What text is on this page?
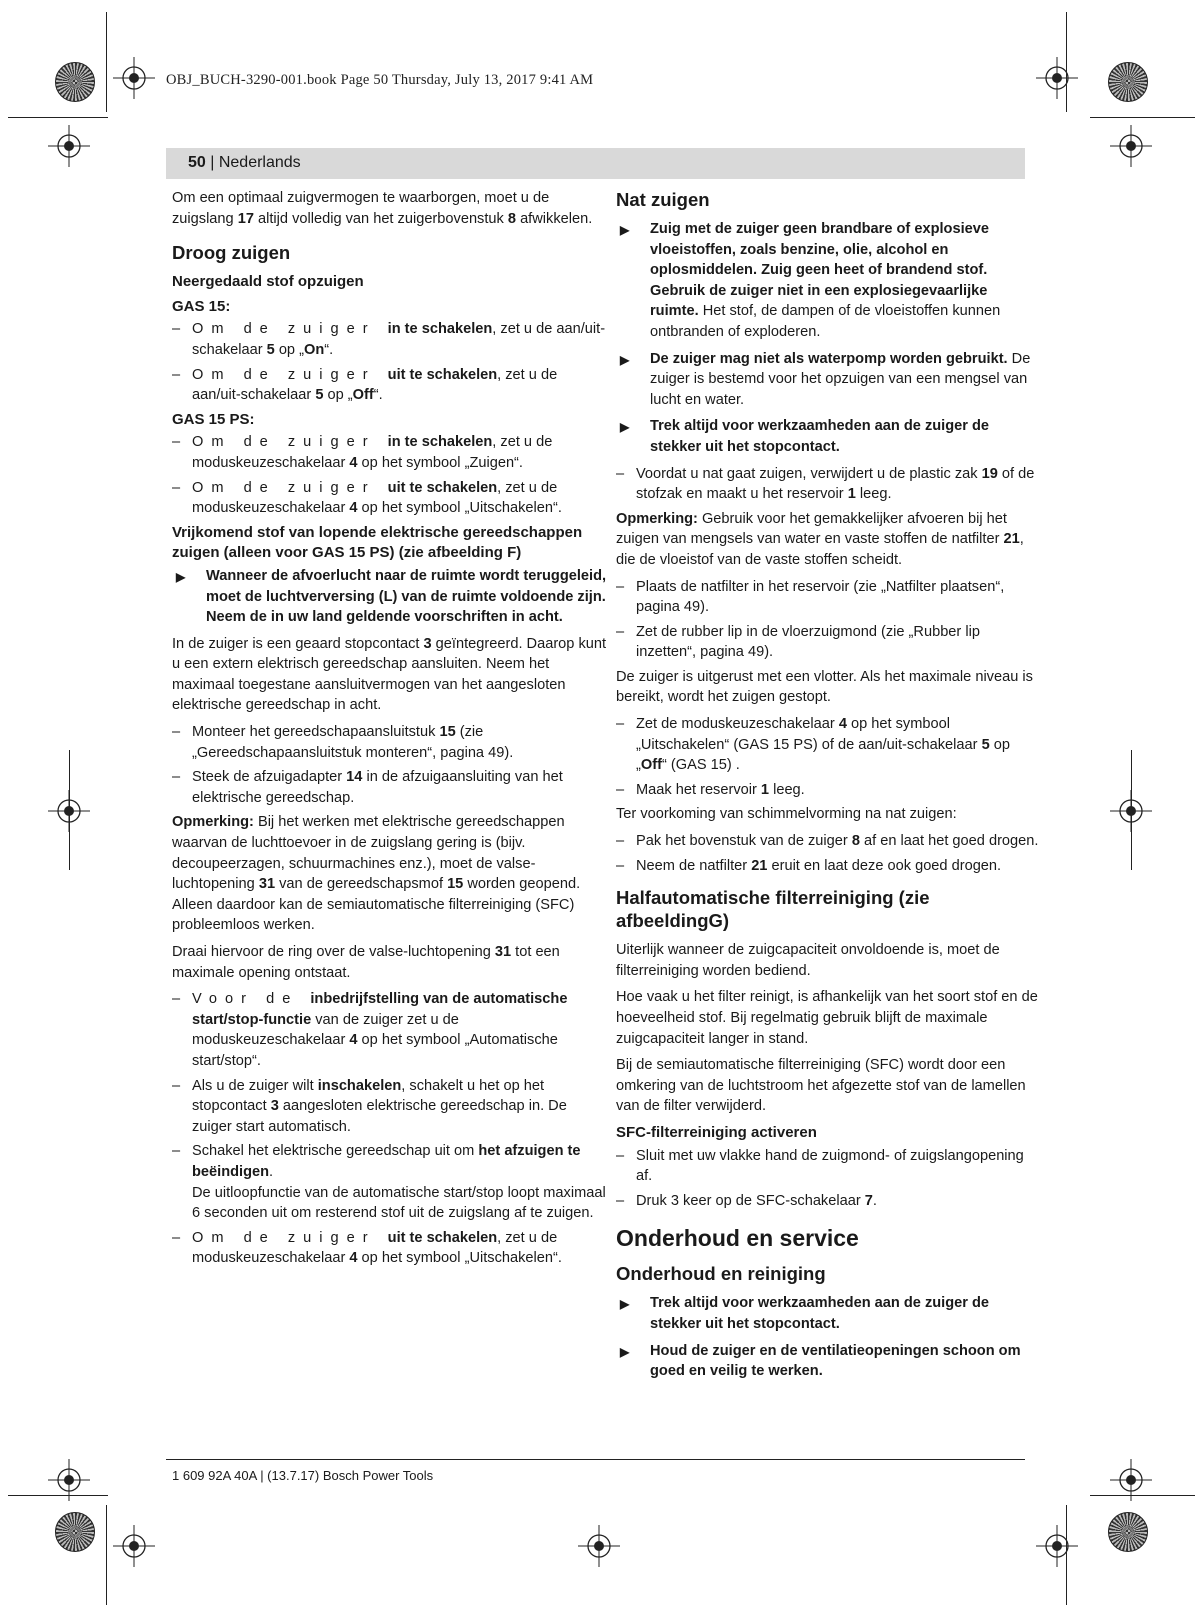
OBJ_BUCH-3290-001.book Page 50 Thursday, July 13, 2017 9:41 AM
50 | Nederlands

Om een optimaal zuigvermogen te waarborgen, moet u de zuigslang 17 altijd volledig van het zuigerbovenstuk 8 afwikkelen.

Droog zuigen
Neergedaald stof opzuigen
GAS 15:
– Om de zuiger in te schakelen, zet u de aan/uit-schakelaar 5 op „On“.
– Om de zuiger uit te schakelen, zet u de aan/uit-schakelaar 5 op „Off“.
GAS 15 PS:
– Om de zuiger in te schakelen, zet u de moduskeuzeschakelaar 4 op het symbool „Zuigen“.
– Om de zuiger uit te schakelen, zet u de moduskeuzeschakelaar 4 op het symbool „Uitschakelen“.
Vrijkomend stof van lopende elektrische gereedschappen zuigen (alleen voor GAS 15 PS) (zie afbeelding F)
▶ Wanneer de afvoerlucht naar de ruimte wordt teruggeleid, moet de luchtverversing (L) van de ruimte voldoende zijn. Neem de in uw land geldende voorschriften in acht.

In de zuiger is een geaard stopcontact 3 geïntegreerd. Daarop kunt u een extern elektrisch gereedschap aansluiten. Neem het maximaal toegestane aansluitvermogen van het aangesloten elektrische gereedschap in acht.

– Monteer het gereedschapaansluitstuk 15 (zie „Gereedschapaansluitstuk monteren“, pagina 49).
– Steek de afzuigadapter 14 in de afzuigaansluiting van het elektrische gereedschap.

Opmerking: Bij het werken met elektrische gereedschappen waarvan de luchttoevoer in de zuigslang gering is (bijv. decoupeerzagen, schuurmachines enz.), moet de valse-luchtopening 31 van de gereedschapsmof 15 worden geopend. Alleen daardoor kan de semiautomatische filterreiniging (SFC) probleemloos werken.

Draai hiervoor de ring over de valse-luchtopening 31 tot een maximale opening ontstaat.

– Voor de inbedrijfstelling van de automatische start/stop-functie van de zuiger zet u de moduskeuzeschakelaar 4 op het symbool „Automatische start/stop“.
– Als u de zuiger wilt inschakelen, schakelt u het op het stopcontact 3 aangesloten elektrische gereedschap in. De zuiger start automatisch.
– Schakel het elektrische gereedschap uit om het afzuigen te beëindigen.
De uitloopfunctie van de automatische start/stop loopt maximaal 6 seconden uit om resterend stof uit de zuigslang af te zuigen.
– Om de zuiger uit te schakelen, zet u de moduskeuzeschakelaar 4 op het symbool „Uitschakelen“.
Nat zuigen
▶ Zuig met de zuiger geen brandbare of explosieve vloeistoffen, zoals benzine, olie, alcohol en oplosmiddelen. Zuig geen heet of brandend stof. Gebruik de zuiger niet in een explosiegevaarlijke ruimte. Het stof, de dampen of de vloeistoffen kunnen ontbranden of exploderen.
▶ De zuiger mag niet als waterpomp worden gebruikt. De zuiger is bestemd voor het opzuigen van een mengsel van lucht en water.
▶ Trek altijd voor werkzaamheden aan de zuiger de stekker uit het stopcontact.
– Voordat u nat gaat zuigen, verwijdert u de plastic zak 19 of de stofzak en maakt u het reservoir 1 leeg.

Opmerking: Gebruik voor het gemakkelijker afvoeren bij het zuigen van mengsels van water en vaste stoffen de natfilter 21, die de vloeistof van de vaste stoffen scheidt.

– Plaats de natfilter in het reservoir (zie „Natfilter plaatsen“, pagina 49).
– Zet de rubber lip in de vloerzuigmond (zie „Rubber lip inzetten“, pagina 49).

De zuiger is uitgerust met een vlotter. Als het maximale niveau is bereikt, wordt het zuigen gestopt.

– Zet de moduskeuzeschakelaar 4 op het symbool „Uitschakelen“ (GAS 15 PS) of de aan/uit-schakelaar 5 op „Off“ (GAS 15) .
– Maak het reservoir 1 leeg.

Ter voorkoming van schimmelvorming na nat zuigen:

– Pak het bovenstuk van de zuiger 8 af en laat het goed drogen.
– Neem de natfilter 21 eruit en laat deze ook goed drogen.
Halfautomatische filterreiniging (zie afbeeldingG)

Uiterlijk wanneer de zuigcapaciteit onvoldoende is, moet de filterreiniging worden bediend.

Hoe vaak u het filter reinigt, is afhankelijk van het soort stof en de hoeveelheid stof. Bij regelmatig gebruik blijft de maximale zuigcapaciteit langer in stand.

Bij de semiautomatische filterreiniging (SFC) wordt door een omkering van de luchtstroom het afgezette stof van de lamellen van de filter verwijderd.

SFC-filterreiniging activeren
– Sluit met uw vlakke hand de zuigmond- of zuigslangopening af.
– Druk 3 keer op de SFC-schakelaar 7.
Onderhoud en service
Onderhoud en reiniging
▶ Trek altijd voor werkzaamheden aan de zuiger de stekker uit het stopcontact.
▶ Houd de zuiger en de ventilatieopeningen schoon om goed en veilig te werken.
1 609 92A 40A | (13.7.17) Bosch Power Tools
